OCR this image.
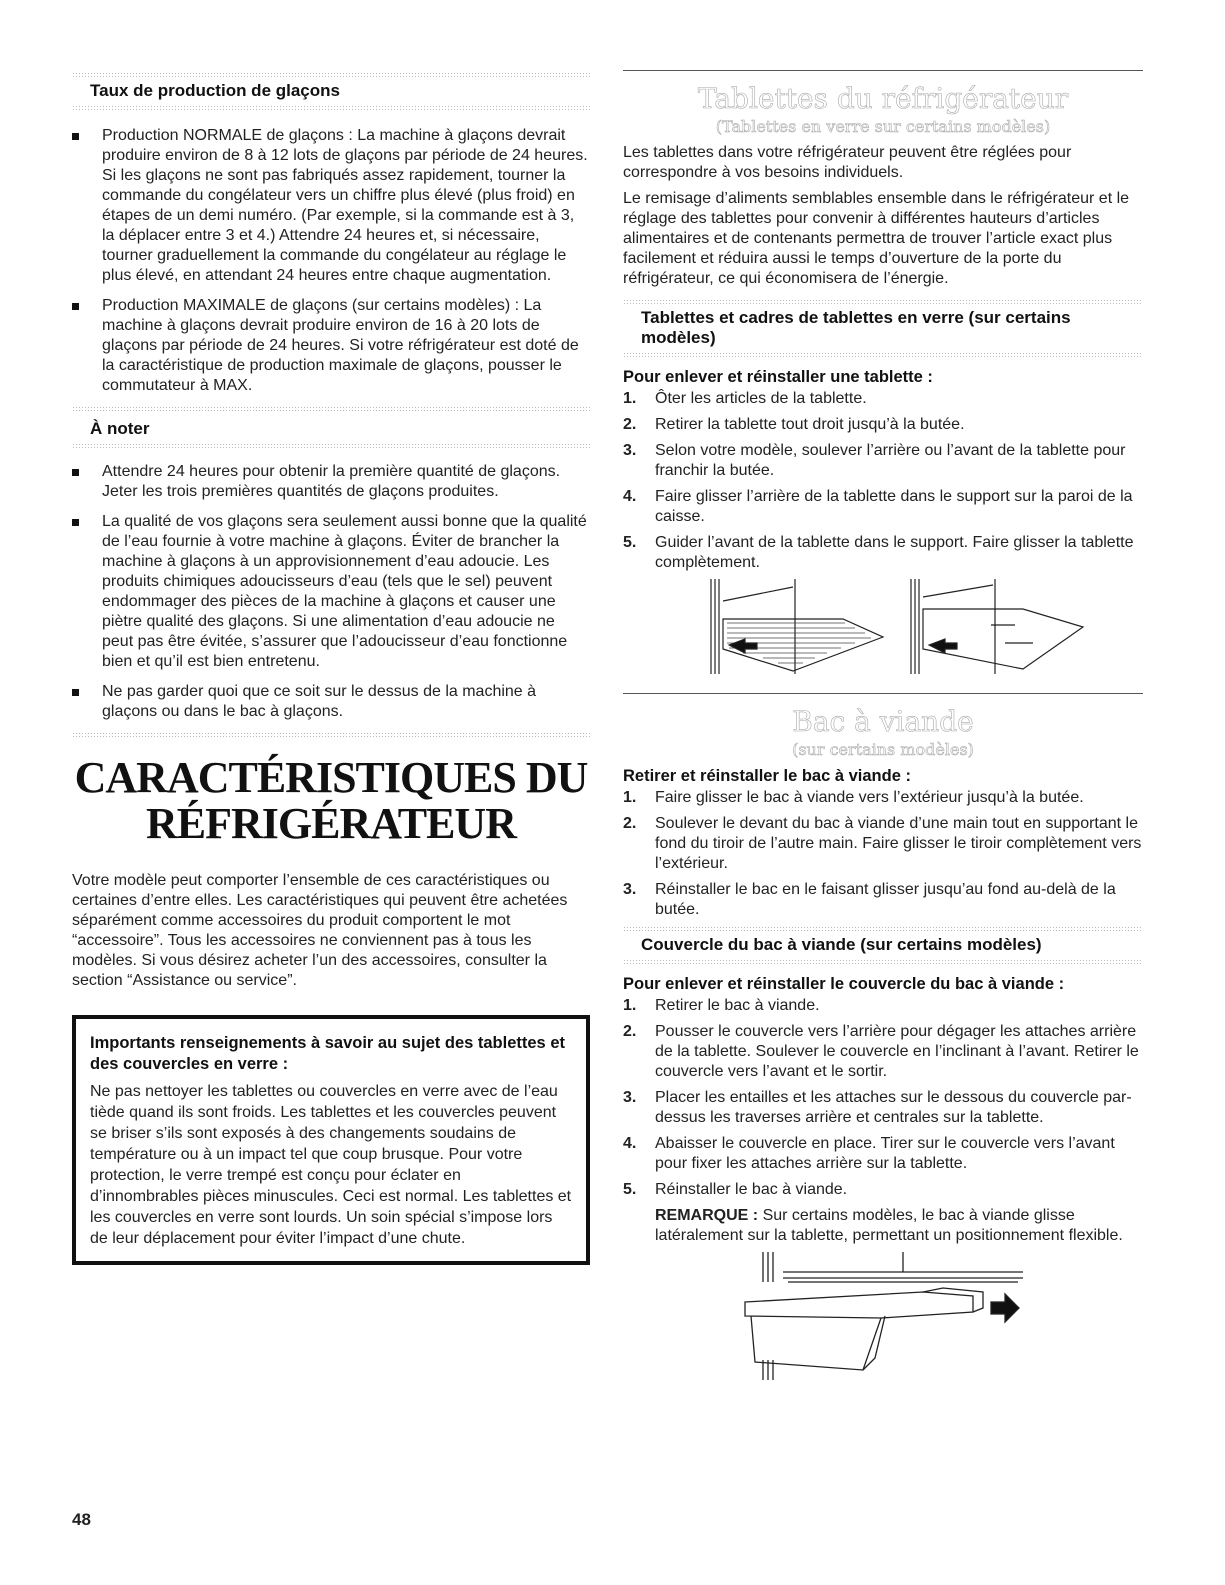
Taux de production de glaçons
Production NORMALE de glaçons : La machine à glaçons devrait produire environ de 8 à 12 lots de glaçons par période de 24 heures. Si les glaçons ne sont pas fabriqués assez rapidement, tourner la commande du congélateur vers un chiffre plus élevé (plus froid) en étapes de un demi numéro. (Par exemple, si la commande est à 3, la déplacer entre 3 et 4.) Attendre 24 heures et, si nécessaire, tourner graduellement la commande du congélateur au réglage le plus élevé, en attendant 24 heures entre chaque augmentation.
Production MAXIMALE de glaçons (sur certains modèles) : La machine à glaçons devrait produire environ de 16 à 20 lots de glaçons par période de 24 heures. Si votre réfrigérateur est doté de la caractéristique de production maximale de glaçons, pousser le commutateur à MAX.
À noter
Attendre 24 heures pour obtenir la première quantité de glaçons. Jeter les trois premières quantités de glaçons produites.
La qualité de vos glaçons sera seulement aussi bonne que la qualité de l’eau fournie à votre machine à glaçons. Éviter de brancher la machine à glaçons à un approvisionnement d’eau adoucie. Les produits chimiques adoucisseurs d’eau (tels que le sel) peuvent endommager des pièces de la machine à glaçons et causer une piètre qualité des glaçons. Si une alimentation d’eau adoucie ne peut pas être évitée, s’assurer que l’adoucisseur d’eau fonctionne bien et qu’il est bien entretenu.
Ne pas garder quoi que ce soit sur le dessus de la machine à glaçons ou dans le bac à glaçons.
CARACTÉRISTIQUES DU
RÉFRIGÉRATEUR

Votre modèle peut comporter l’ensemble de ces caractéristiques ou certaines d’entre elles. Les caractéristiques qui peuvent être achetées séparément comme accessoires du produit comportent le mot “accessoire”. Tous les accessoires ne conviennent pas à tous les modèles. Si vous désirez acheter l’un des accessoires, consulter la section “Assistance ou service”.

Importants renseignements à savoir au sujet des tablettes et des couvercles en verre :

Ne pas nettoyer les tablettes ou couvercles en verre avec de l’eau tiède quand ils sont froids. Les tablettes et les couvercles peuvent se briser s’ils sont exposés à des changements soudains de température ou à un impact tel que coup brusque. Pour votre protection, le verre trempé est conçu pour éclater en d’innombrables pièces minuscules. Ceci est normal. Les tablettes et les couvercles en verre sont lourds. Un soin spécial s’impose lors de leur déplacement pour éviter l’impact d’une chute.

Tablettes du réfrigérateur
(Tablettes en verre sur certains modèles)

Les tablettes dans votre réfrigérateur peuvent être réglées pour correspondre à vos besoins individuels.

Le remisage d’aliments semblables ensemble dans le réfrigérateur et le réglage des tablettes pour convenir à différentes hauteurs d’articles alimentaires et de contenants permettra de trouver l’article exact plus facilement et réduira aussi le temps d’ouverture de la porte du réfrigérateur, ce qui économisera de l’énergie.

Tablettes et cadres de tablettes en verre (sur certains modèles)
Pour enlever et réinstaller une tablette :
1. Ôter les articles de la tablette.
2. Retirer la tablette tout droit jusqu’à la butée.
3. Selon votre modèle, soulever l’arrière ou l’avant de la tablette pour franchir la butée.
4. Faire glisser l’arrière de la tablette dans le support sur la paroi de la caisse.
5. Guider l’avant de la tablette dans le support. Faire glisser la tablette complètement.
Bac à viande
(sur certains modèles)
Retirer et réinstaller le bac à viande :
1. Faire glisser le bac à viande vers l’extérieur jusqu’à la butée.
2. Soulever le devant du bac à viande d’une main tout en supportant le fond du tiroir de l’autre main. Faire glisser le tiroir complètement vers l’extérieur.
3. Réinstaller le bac en le faisant glisser jusqu’au fond au-delà de la butée.
Couvercle du bac à viande (sur certains modèles)
Pour enlever et réinstaller le couvercle du bac à viande :
1. Retirer le bac à viande.
2. Pousser le couvercle vers l’arrière pour dégager les attaches arrière de la tablette. Soulever le couvercle en l’inclinant à l’avant. Retirer le couvercle vers l’avant et le sortir.
3. Placer les entailles et les attaches sur le dessous du couvercle par-dessus les traverses arrière et centrales sur la tablette.
4. Abaisser le couvercle en place. Tirer sur le couvercle vers l’avant pour fixer les attaches arrière sur la tablette.
5. Réinstaller le bac à viande.

REMARQUE : Sur certains modèles, le bac à viande glisse latéralement sur la tablette, permettant un positionnement flexible.

48
